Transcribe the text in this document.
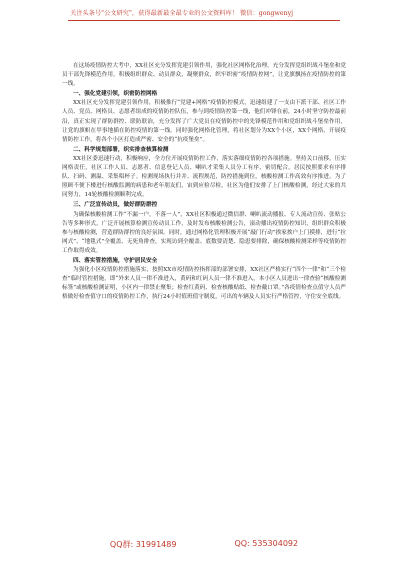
关注头条号"公文研究"，获得最新最全最专业的公文资料库！ 微信：gongwenyj

在这场疫情防控大考中，XX社区充分发挥党建引领作用，强化社区网格化治理，充分发挥党组织战斗堡垒和党员干部先锋模范作用，积极组织群众、动员群众，凝聚群众，织牢织密“疫情防控网”，让党旗飘扬在疫情防控的第一线。

一、强化党建引领，织密防控网格

XX社区充分发挥党建引领作用，积极推行“党建+网格”疫情防控模式，迅速组建了一支由下派干部、社区工作人员、党员、网格员、志愿者组成的疫情防控队伍，参与到疫情防控第一线，他们冲锋在前，24小时坚守防控最前沿，真正实现了群防群控、联防联治，充分发挥了广大党员在疫情防控中的先锋模范作用和党组织战斗堡垒作用，让党的旗帜在甲事地插在防控疫情的第一线。同时强化网格化管理，将社区划分为XX个小区，XX个网格，开展疫情防控工作，将各个小区打造成严密、安全的“抗疫堡垒”。

二、科学规划部署，织实排查核算检测

XX社区委迅速行动，积极响应，全方位开展疫情防控工作，落实落细疫情防控各项措施。坚持关口前移，压实网格责任，社区工作人员、志愿者、信息登记人员、喇叭才采集人员分工有序，密切配合，居民按照要求有序排队、扫码、测温、采集唱杯子。检测现场执行并并、流程规范，防控措施到位，核酸检测工作高效有序推进。为了照顾不便下楼进行核酸监测的病患和老年朋友们，宙到应检尽检，社区为他们安排了上门核酸检测，经过大家的共同努力，14轮核酸检测顺利完成。

三、广泛宣传动员，做好群防群控

为确保核酸检测工作“不漏一户，不落一人”，XX社区积极通过微信群、喇叭流动播报、专人流动宣传、张贴公告等多种形式，广泛开展核算检测宣传动员工作，及时发布核酸检测公告，滚动播出疫情防控知识，组织群众积极参与核酸检测，营造群防群控的良好氛围。同时，通过网格化管理积极开展“敲门行动”挨家挨户上门摸排，进行“拉网式”、“地毯式”全覆盖、无死角排查，实现访到全覆盖、底数要清楚、隐患要排除，确保核酸检测采样等疫情防控工作取得成效。

四、落实管控措施，守护居民安全

为强化小区疫情防控措施落实，按照XX市疫情防控指挥部的部署安排，XX社区严格实行“四个一律”和“三个检查”临时管控措施，即“外来人员一律不准进入，黄码和红码人员一律不准进入，本小区人员进出一律查验“核酸检测标签”或核酸检测证明，小区内一律禁止聚集；检查红黄码、检查核酸贴纸、检查戴口罩。”各疫情检查点值守人员严格做好检查值守口的疫情防控工作，执行24小时值班值守制度，可出的车辆及人员实行严格管控，守住安全底线。

QQ群: 31991489	QQ: 535304092
